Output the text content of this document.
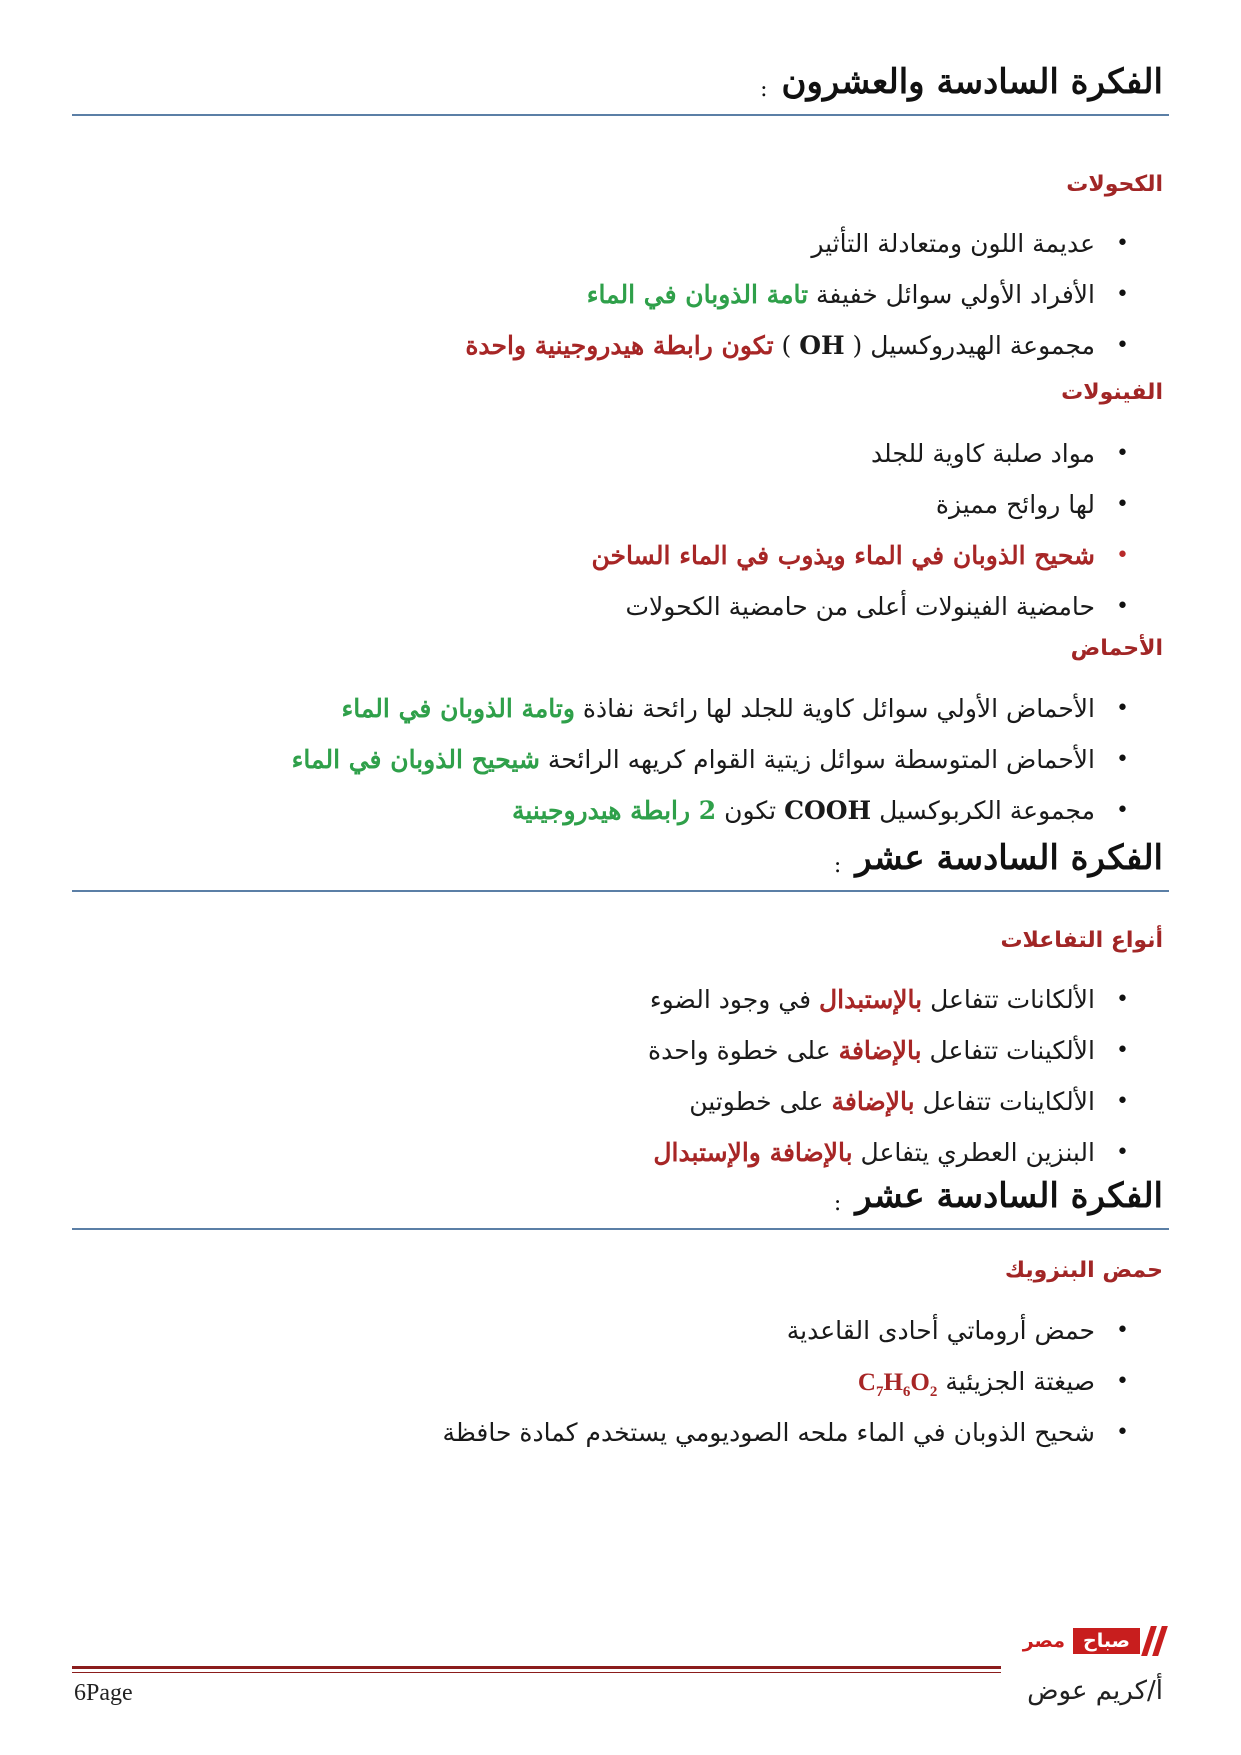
الفكرة السادسة والعشرون
:
الكحولات
• عديمة اللون ومتعادلة التأثير
• الأفراد الأولي سوائل خفيفة تامة الذوبان في الماء
• مجموعة الهيدروكسيل ( OH ) تكون رابطة هيدروجينية واحدة
الفينولات
• مواد صلبة كاوية للجلد
• لها روائح مميزة
• شحيح الذوبان في الماء ويذوب في الماء الساخن
• حامضية الفينولات أعلى من حامضية الكحولات
الأحماض
• الأحماض الأولي سوائل كاوية للجلد لها رائحة نفاذة وتامة الذوبان في الماء
• الأحماض المتوسطة سوائل زيتية القوام كريهه الرائحة شيحيح الذوبان في الماء
• مجموعة الكربوكسيل COOH تكون 2 رابطة هيدروجينية
الفكرة السادسة عشر
:
أنواع التفاعلات
• الألكانات تتفاعل بالإستبدال في وجود الضوء
• الألكينات تتفاعل بالإضافة على خطوة واحدة
• الألكاينات تتفاعل بالإضافة على خطوتين
• البنزين العطري يتفاعل بالإضافة والإستبدال
الفكرة السادسة عشر
:
حمض البنزويك
• حمض أروماتي أحادى القاعدية
• صيغتة الجزيئية $C_7H_6O_2$
• شحيح الذوبان في الماء ملحه الصوديومي يستخدم كمادة حافظة
صباح
مصر
6Page	أ/كريم عوض
